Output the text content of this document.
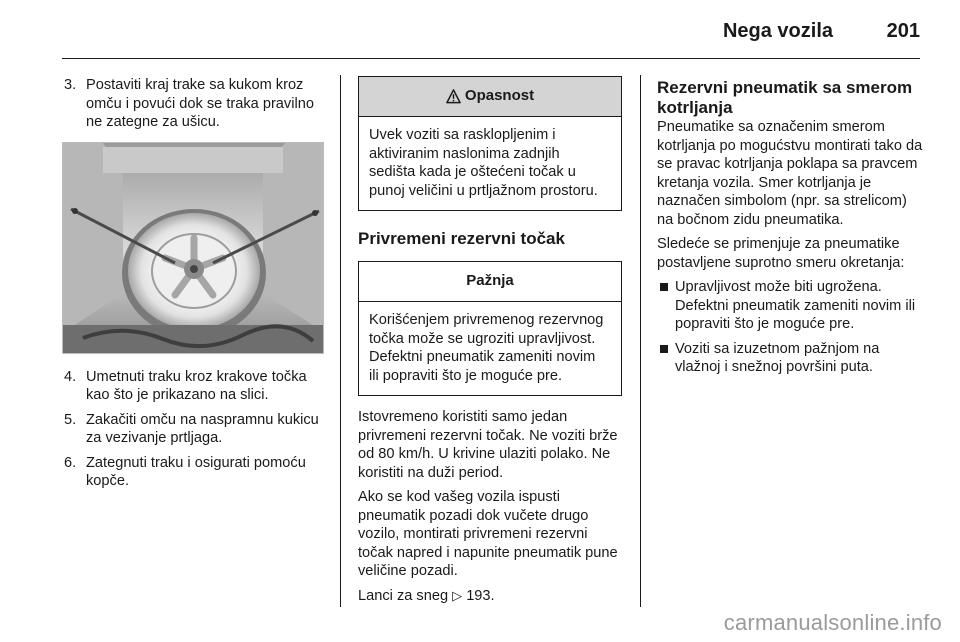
Nega vozila	201
3. Postaviti kraj trake sa kukom kroz omču i povući dok se traka pravilno ne zategne za ušicu.
4. Umetnuti traku kroz krakove točka kao što je prikazano na slici.
5. Zakačiti omču na naspramnu kukicu za vezivanje prtljaga.
6. Zategnuti traku i osigurati pomoću kopče.
Opasnost
Uvek voziti sa rasklopljenim i aktiviranim naslonima zadnjih sedišta kada je oštećeni točak u punoj veličini u prtljažnom prostoru.
Privremeni rezervni točak
Pažnja
Korišćenjem privremenog rezervnog točka može se ugroziti upravljivost. Defektni pneumatik zameniti novim ili popraviti što je moguće pre.

Istovremeno koristiti samo jedan privremeni rezervni točak. Ne voziti brže od 80 km/h. U krivine ulaziti polako. Ne koristiti na duži period.

Ako se kod vašeg vozila ispusti pneumatik pozadi dok vučete drugo vozilo, montirati privremeni rezervni točak napred i napunite pneumatik pune veličine pozadi.

Lanci za sneg ▷ 193.

Rezervni pneumatik sa smerom kotrljanja

Pneumatike sa označenim smerom kotrljanja po mogućstvu montirati tako da se pravac kotrljanja poklapa sa pravcem kretanja vozila. Smer kotrljanja je naznačen simbolom (npr. sa strelicom) na bočnom zidu pneumatika.

Sledeće se primenjuje za pneumatike postavljene suprotno smeru okretanja:

Upravljivost može biti ugrožena. Defektni pneumatik zameniti novim ili popraviti što je moguće pre.
Voziti sa izuzetnom pažnjom na vlažnoj i snežnoj površini puta.
carmanualsonline.info
